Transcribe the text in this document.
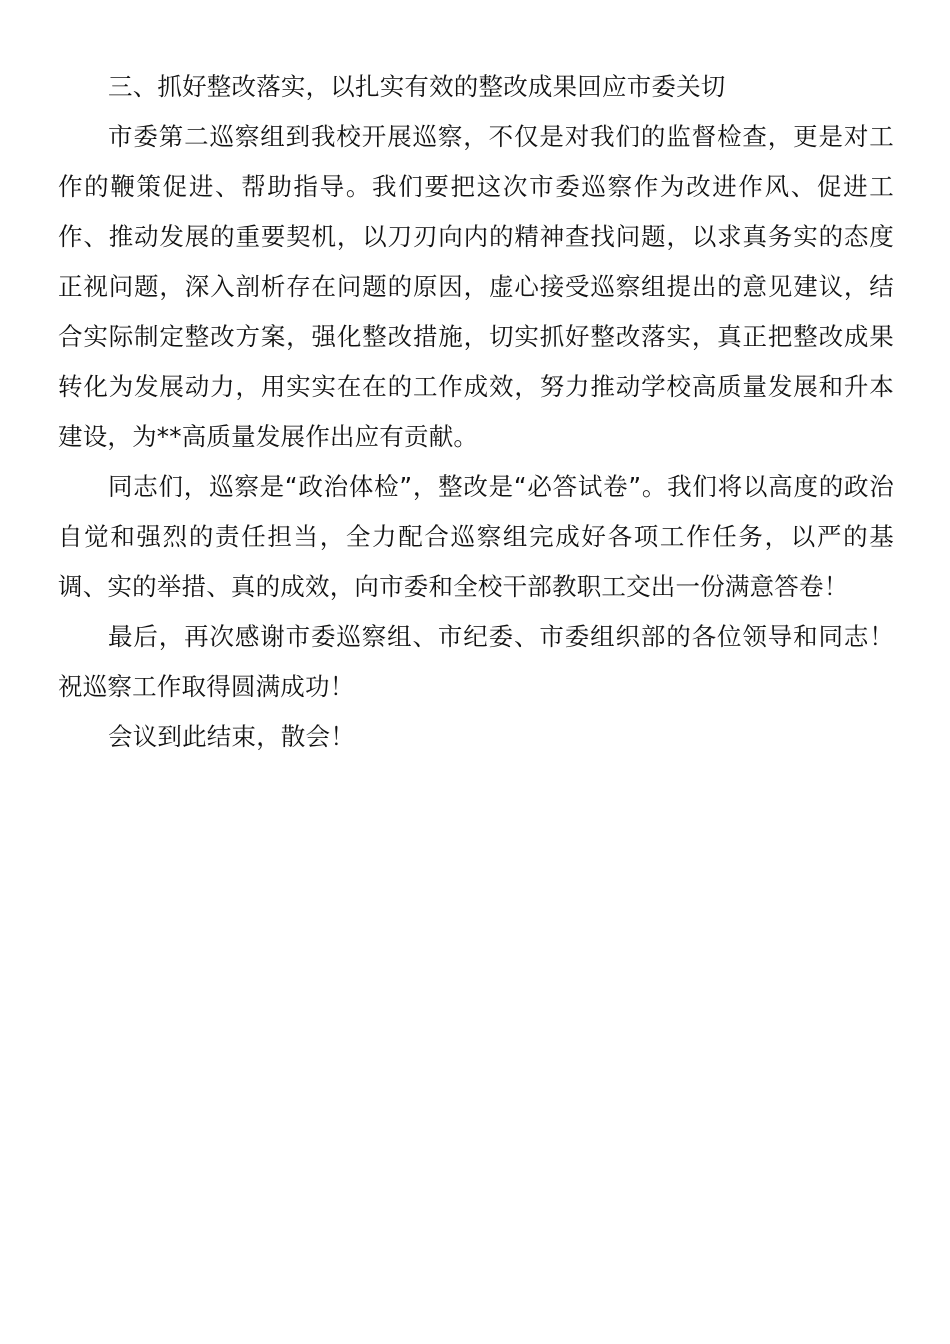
三、抓好整改落实，以扎实有效的整改成果回应市委关切

市委第二巡察组到我校开展巡察，不仅是对我们的监督检查，更是对工作的鞭策促进、帮助指导。我们要把这次市委巡察作为改进作风、促进工作、推动发展的重要契机，以刀刃向内的精神查找问题，以求真务实的态度正视问题，深入剖析存在问题的原因，虚心接受巡察组提出的意见建议，结合实际制定整改方案，强化整改措施，切实抓好整改落实，真正把整改成果转化为发展动力，用实实在在的工作成效，努力推动学校高质量发展和升本建设，为**高质量发展作出应有贡献。

同志们，巡察是“政治体检”，整改是“必答试卷”。我们将以高度的政治自觉和强烈的责任担当，全力配合巡察组完成好各项工作任务，以严的基调、实的举措、真的成效，向市委和全校干部教职工交出一份满意答卷！

最后，再次感谢市委巡察组、市纪委、市委组织部的各位领导和同志！祝巡察工作取得圆满成功！

会议到此结束，散会！
